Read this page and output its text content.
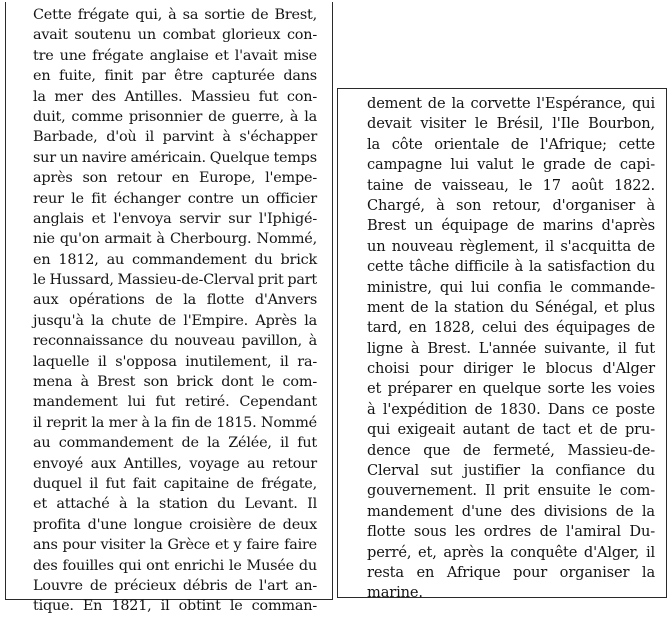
Cette frégate qui, à sa sortie de Brest,
avait soutenu un combat glorieux con-
tre une frégate anglaise et l'avait mise
en fuite, finit par être capturée dans
la mer des Antilles. Massieu fut con-
duit, comme prisonnier de guerre, à la
Barbade, d'où il parvint à s'échapper
sur un navire américain. Quelque temps
après son retour en Europe, l'empe-
reur le fit échanger contre un officier
anglais et l'envoya servir sur l'Iphigé-
nie qu'on armait à Cherbourg. Nommé,
en 1812, au commandement du brick
le Hussard, Massieu-de-Clerval prit part
aux opérations de la flotte d'Anvers
jusqu'à la chute de l'Empire. Après la
reconnaissance du nouveau pavillon, à
laquelle il s'opposa inutilement, il ra-
mena à Brest son brick dont le com-
mandement lui fut retiré. Cependant
il reprit la mer à la fin de 1815. Nommé
au commandement de la Zélée, il fut
envoyé aux Antilles, voyage au retour
duquel il fut fait capitaine de frégate,
et attaché à la station du Levant. Il
profita d'une longue croisière de deux
ans pour visiter la Grèce et y faire faire
des fouilles qui ont enrichi le Musée du
Louvre de précieux débris de l'art an-
tique. En 1821, il obtint le comman-
dement de la corvette l'Espérance, qui
devait visiter le Brésil, l'Ile Bourbon,
la côte orientale de l'Afrique; cette
campagne lui valut le grade de capi-
taine de vaisseau, le 17 août 1822.
Chargé, à son retour, d'organiser à
Brest un équipage de marins d'après
un nouveau règlement, il s'acquitta de
cette tâche difficile à la satisfaction du
ministre, qui lui confia le commande-
ment de la station du Sénégal, et plus
tard, en 1828, celui des équipages de
ligne à Brest. L'année suivante, il fut
choisi pour diriger le blocus d'Alger
et préparer en quelque sorte les voies
à l'expédition de 1830. Dans ce poste
qui exigeait autant de tact et de pru-
dence que de fermeté, Massieu-de-
Clerval sut justifier la confiance du
gouvernement. Il prit ensuite le com-
mandement d'une des divisions de la
flotte sous les ordres de l'amiral Du-
perré, et, après la conquête d'Alger, il
resta en Afrique pour organiser la
marine.
